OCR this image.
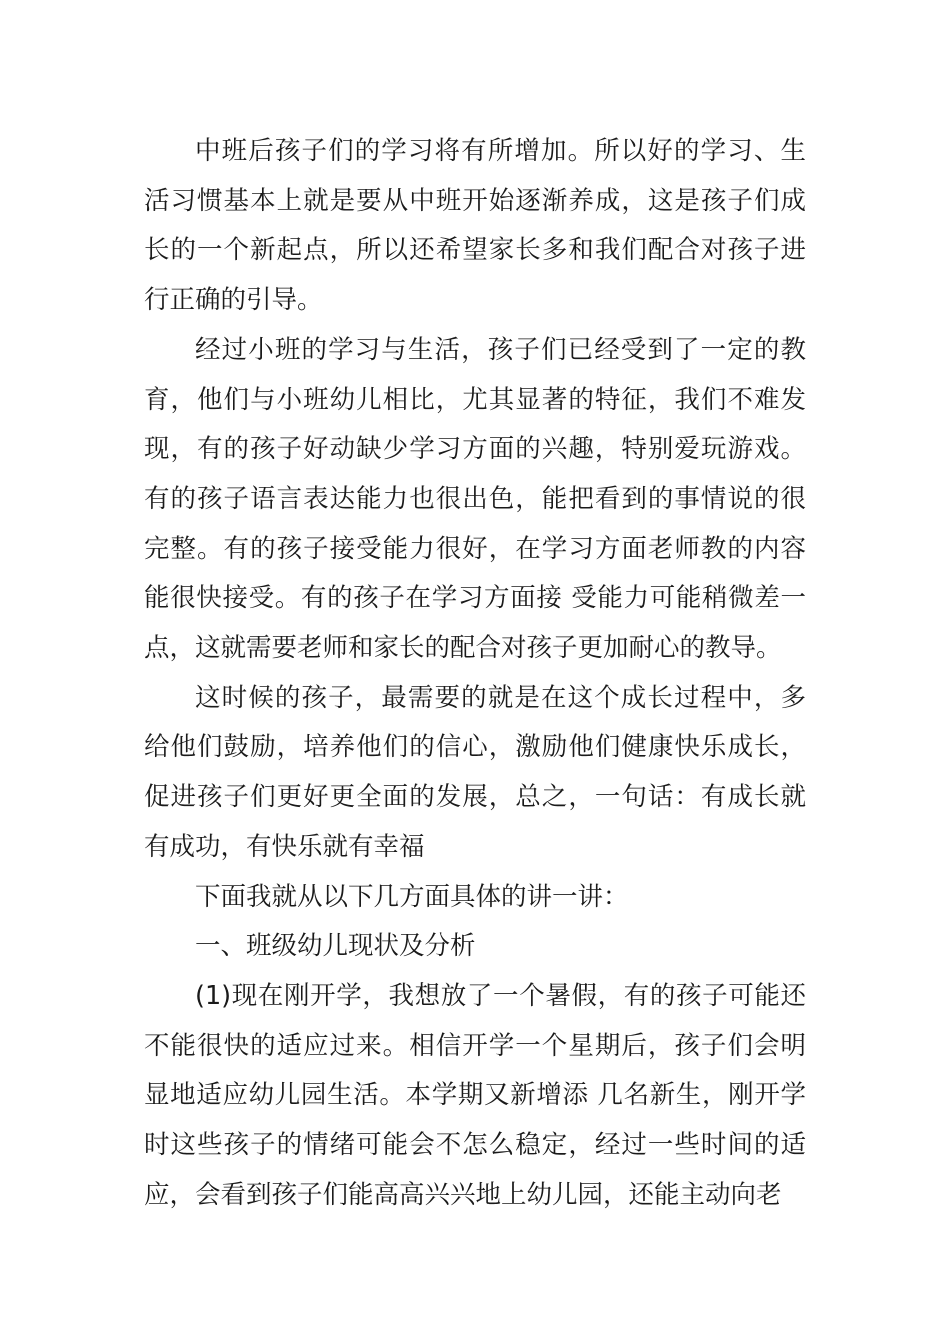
中班后孩子们的学习将有所增加。所以好的学习、生活习惯基本上就是要从中班开始逐渐养成，这是孩子们成长的一个新起点，所以还希望家长多和我们配合对孩子进行正确的引导。

经过小班的学习与生活，孩子们已经受到了一定的教育，他们与小班幼儿相比，尤其显著的特征，我们不难发现，有的孩子好动缺少学习方面的兴趣，特别爱玩游戏。有的孩子语言表达能力也很出色，能把看到的事情说的很完整。有的孩子接受能力很好，在学习方面老师教的内容能很快接受。有的孩子在学习方面接 受能力可能稍微差一点，这就需要老师和家长的配合对孩子更加耐心的教导。

这时候的孩子，最需要的就是在这个成长过程中，多给他们鼓励，培养他们的信心，激励他们健康快乐成长，促进孩子们更好更全面的发展，总之，一句话：有成长就有成功，有快乐就有幸福

下面我就从以下几方面具体的讲一讲：

一、班级幼儿现状及分析

(1)现在刚开学，我想放了一个暑假，有的孩子可能还不能很快的适应过来。相信开学一个星期后，孩子们会明显地适应幼儿园生活。本学期又新增添 几名新生，刚开学时这些孩子的情绪可能会不怎么稳定，经过一些时间的适应，会看到孩子们能高高兴兴地上幼儿园，还能主动向老
